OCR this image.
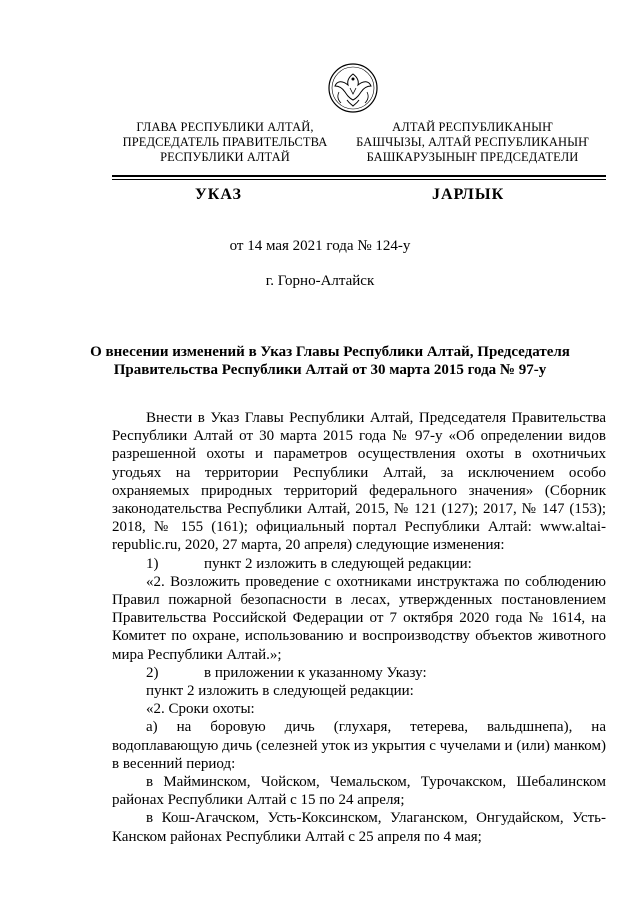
ГЛАВА РЕСПУБЛИКИ АЛТАЙ,
ПРЕДСЕДАТЕЛЬ ПРАВИТЕЛЬСТВА
РЕСПУБЛИКИ АЛТАЙ
АЛТАЙ РЕСПУБЛИКАНЫҤ
БАШЧЫЗЫ, АЛТАЙ РЕСПУБЛИКАНЫҤ
БАШКАРУЗЫНЫҤ ПРЕДСЕДАТЕЛИ
УКАЗ	JАРЛЫК
от 14 мая 2021 года № 124-у
г. Горно-Алтайск
О внесении изменений в Указ Главы Республики Алтай, Председателя
Правительства Республики Алтай от 30 марта 2015 года № 97-у

Внести в Указ Главы Республики Алтай, Председателя Правительства Республики Алтай от 30 марта 2015 года № 97-у «Об определении видов разрешенной охоты и параметров осуществления охоты в охотничьих угодьях на территории Республики Алтай, за исключением особо охраняемых природных территорий федерального значения» (Сборник законодательства Республики Алтай, 2015, № 121 (127); 2017, № 147 (153); 2018, № 155 (161); официальный портал Республики Алтай: www.altai-republic.ru, 2020, 27 марта, 20 апреля) следующие изменения:

1)	пункт 2 изложить в следующей редакции:

«2. Возложить проведение с охотниками инструктажа по соблюдению Правил пожарной безопасности в лесах, утвержденных постановлением Правительства Российской Федерации от 7 октября 2020 года № 1614, на Комитет по охране, использованию и воспроизводству объектов животного мира Республики Алтай.»;

2)	в приложении к указанному Указу:

пункт 2 изложить в следующей редакции:

«2. Сроки охоты:

а) на боровую дичь (глухаря, тетерева, вальдшнепа), на водоплавающую дичь (селезней уток из укрытия с чучелами и (или) манком) в весенний период:

в Майминском, Чойском, Чемальском, Турочакском, Шебалинском районах Республики Алтай с 15 по 24 апреля;

в Кош-Агачском, Усть-Коксинском, Улаганском, Онгудайском, Усть-Канском районах Республики Алтай с 25 апреля по 4 мая;
